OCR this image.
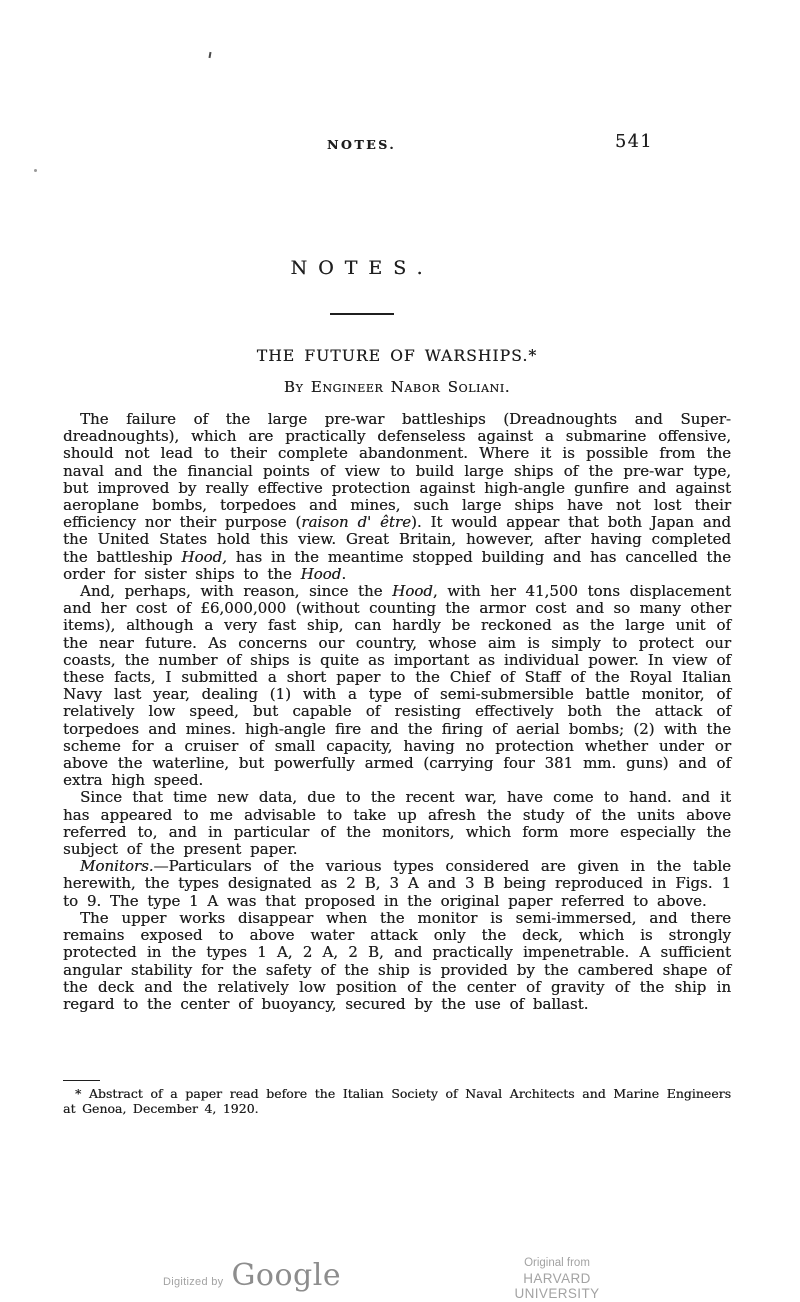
NOTES.	541
NOTES.
THE FUTURE OF WARSHIPS.*
By Engineer Nabor Soliani.

The failure of the large pre-war battleships (Dreadnoughts and Super-dreadnoughts), which are practically defenseless against a submarine offensive, should not lead to their complete abandonment. Where it is possible from the naval and the financial points of view to build large ships of the pre-war type, but improved by really effective protection against high-angle gunfire and against aeroplane bombs, torpedoes and mines, such large ships have not lost their efficiency nor their purpose (raison d' être). It would appear that both Japan and the United States hold this view. Great Britain, however, after having completed the battleship Hood, has in the meantime stopped building and has cancelled the order for sister ships to the Hood.

And, perhaps, with reason, since the Hood, with her 41,500 tons displacement and her cost of £6,000,000 (without counting the armor cost and so many other items), although a very fast ship, can hardly be reckoned as the large unit of the near future. As concerns our country, whose aim is simply to protect our coasts, the number of ships is quite as important as individual power. In view of these facts, I submitted a short paper to the Chief of Staff of the Royal Italian Navy last year, dealing (1) with a type of semi-submersible battle monitor, of relatively low speed, but capable of resisting effectively both the attack of torpedoes and mines. high-angle fire and the firing of aerial bombs; (2) with the scheme for a cruiser of small capacity, having no protection whether under or above the waterline, but powerfully armed (carrying four 381 mm. guns) and of extra high speed.

Since that time new data, due to the recent war, have come to hand. and it has appeared to me advisable to take up afresh the study of the units above referred to, and in particular of the monitors, which form more especially the subject of the present paper.

Monitors.—Particulars of the various types considered are given in the table herewith, the types designated as 2 B, 3 A and 3 B being reproduced in Figs. 1 to 9. The type 1 A was that proposed in the original paper referred to above.

The upper works disappear when the monitor is semi-immersed, and there remains exposed to above water attack only the deck, which is strongly protected in the types 1 A, 2 A, 2 B, and practically impenetrable. A sufficient angular stability for the safety of the ship is provided by the cambered shape of the deck and the relatively low position of the center of gravity of the ship in regard to the center of buoyancy, secured by the use of ballast.

* Abstract of a paper read before the Italian Society of Naval Architects and Marine Engineers at Genoa, December 4, 1920.
Digitized by Google	Original from
HARVARD UNIVERSITY
